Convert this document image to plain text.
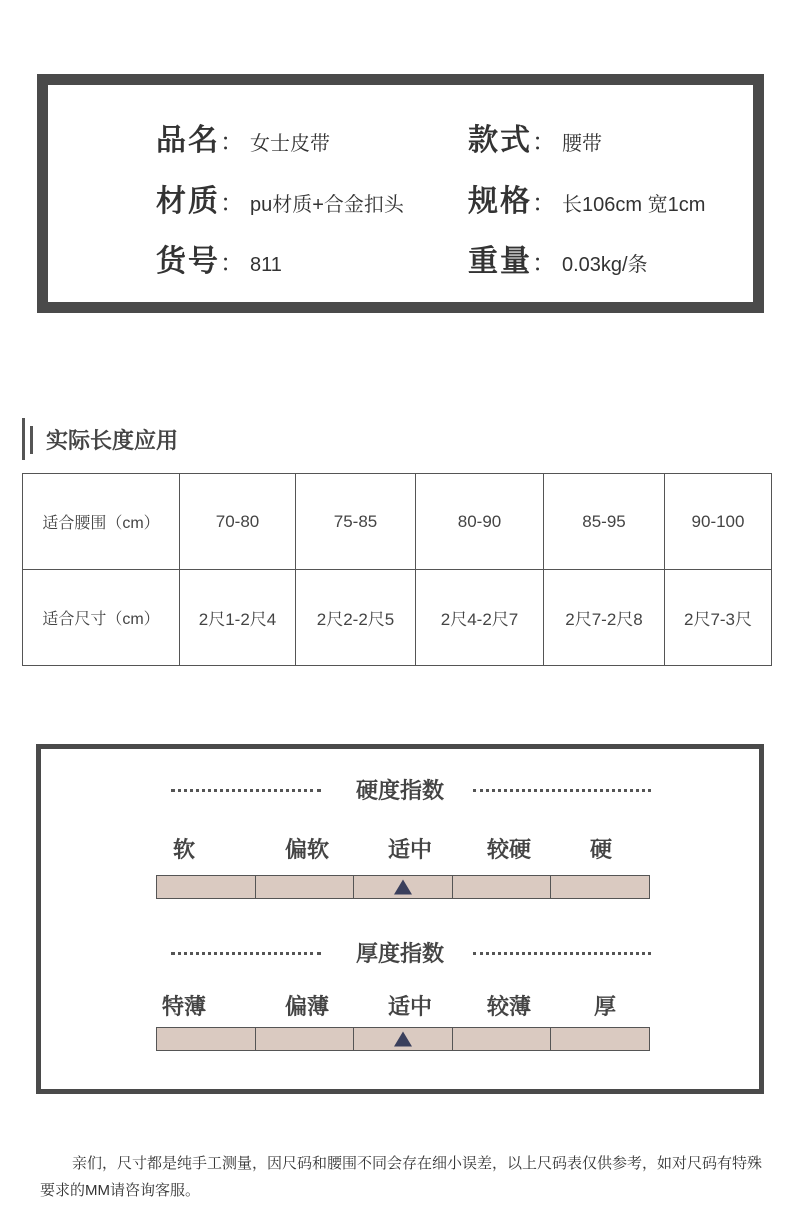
品名 ： 女士皮带	款式 ： 腰带
材质 ： pu材质+合金扣头 规格 ： 长106cm 宽1cm
货号 ： 811	重量 ： 0.03kg/条
实际长度应用
适合腰围（cm）	70-80	75-85	80-90	85-95	90-100
适合尺寸（cm）	2尺1-2尺4	2尺2-2尺5	2尺4-2尺7	2尺7-2尺8	2尺7-3尺
硬度指数
软	偏软	适中	较硬	硬
厚度指数
特薄	偏薄	适中	较薄	厚
亲们，尺寸都是纯手工测量，因尺码和腰围不同会存在细小误差，以上尺码表仅供参考，如对尺码有特殊要求的MM请咨询客服。
